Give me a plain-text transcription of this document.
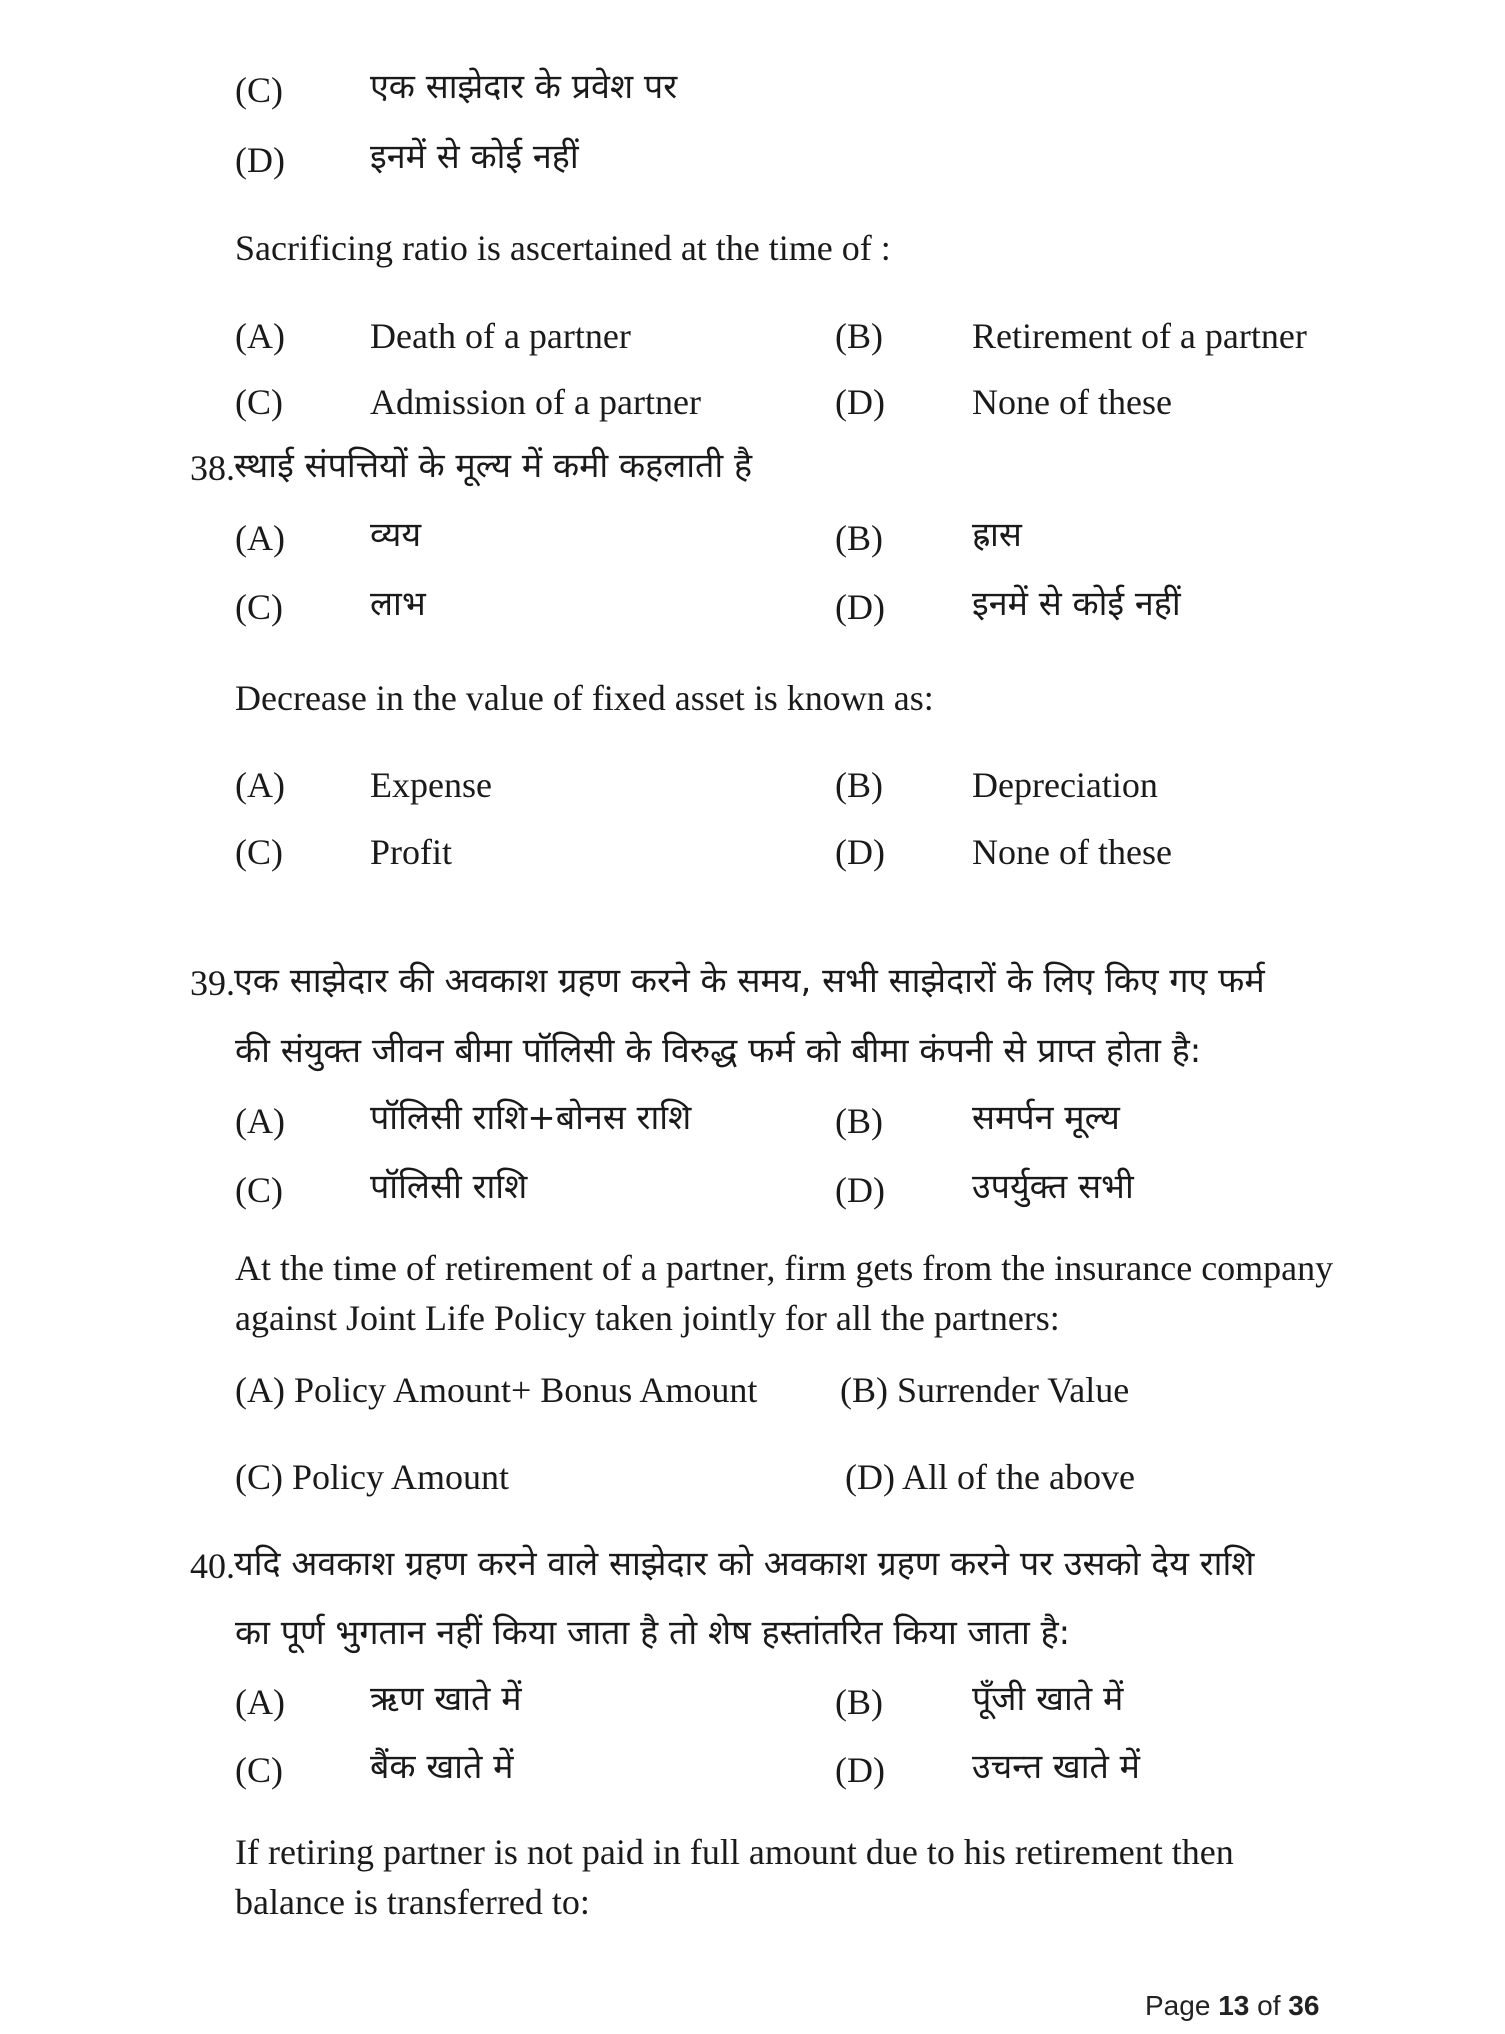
(C)	एक साझेदार के प्रवेश पर
(D)	इनमें से कोई नहीं
Sacrificing ratio is ascertained at the time of :
(A) Death of a partner	(B) Retirement of a partner
(C) Admission of a partner	(D) None of these
38. स्थाई संपत्तियों के मूल्य में कमी कहलाती है
(A)	व्यय	(B)	ह्रास
(C)	लाभ	(D)	इनमें से कोई नहीं
Decrease in the value of fixed asset is known as:
(A) Expense	(B) Depreciation
(C) Profit	(D) None of these
39. एक साझेदार की अवकाश ग्रहण करने के समय, सभी साझेदारों के लिए किए गए फर्म
की संयुक्त जीवन बीमा पॉलिसी के विरुद्ध फर्म को बीमा कंपनी से प्राप्त होता है:
(A)	पॉलिसी राशि+बोनस राशि	(B)	समर्पन मूल्य
(C)	पॉलिसी राशि	(D)	उपर्युक्त सभी
At the time of retirement of a partner, firm gets from the insurance company
against Joint Life Policy taken jointly for all the partners:
(A) Policy Amount+ Bonus Amount (B) Surrender Value
(C) Policy Amount	(D) All of the above
40. यदि अवकाश ग्रहण करने वाले साझेदार को अवकाश ग्रहण करने पर उसको देय राशि
का पूर्ण भुगतान नहीं किया जाता है तो शेष हस्तांतरित किया जाता है:
(A)	ऋण खाते में	(B)	पूँजी खाते में
(C)	बैंक खाते में	(D)	उचन्त खाते में
If retiring partner is not paid in full amount due to his retirement then
balance is transferred to:
Page 13 of 36
